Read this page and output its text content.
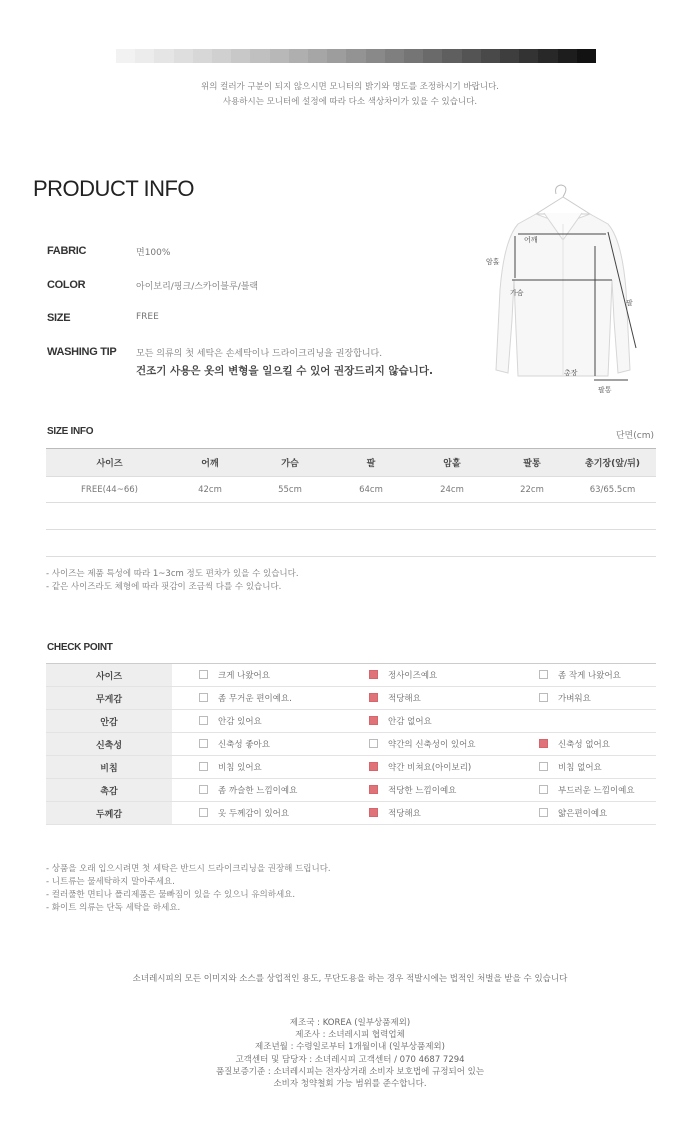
위의 컬러가 구분이 되지 않으시면 모니터의 밝기와 명도를 조정하시기 바랍니다.
사용하시는 모니터에 설정에 따라 다소 색상차이가 있을 수 있습니다.
PRODUCT INFO
FABRIC	면100%
COLOR	아이보리/핑크/스카이블루/블랙
SIZE	FREE
WASHING TIP	모든 의류의 첫 세탁은 손세탁이나 드라이크리닝을 권장합니다.
건조기 사용은 옷의 변형을 일으킬 수 있어 권장드리지 않습니다.
어깨
암홀
가슴
팔
총장
팔통
SIZE INFO	단면(cm)
사이즈	어깨	가슴	팔	암홀	팔통	총기장(앞/뒤)
FREE(44~66)	42cm	55cm	64cm	24cm	22cm	63/65.5cm

- 사이즈는 제품 특성에 따라 1~3cm 정도 편차가 있을 수 있습니다.
- 같은 사이즈라도 체형에 따라 핏감이 조금씩 다를 수 있습니다.
CHECK POINT
사이즈	크게 나왔어요	정사이즈예요	좀 작게 나왔어요
무게감	좀 무거운 편이예요.	적당해요	가벼워요
안감	안감 있어요	안감 없어요	
신축성	신축성 좋아요	약간의 신축성이 있어요	신축성 없어요
비침	비침 있어요	약간 비쳐요(아이보리)	비침 없어요
촉감	좀 까슬한 느낌이예요	적당한 느낌이예요	부드러운 느낌이예요
두께감	옷 두께감이 있어요	적당해요	얇은편이예요
- 상품을 오래 입으시려면 첫 세탁은 반드시 드라이크리닝을 권장해 드립니다.
- 니트류는 물세탁하지 말아주세요.
- 컬러풀한 면티나 폴리제품은 물빠짐이 있을 수 있으니 유의하세요.
- 화이트 의류는 단독 세탁을 하세요.
소녀레시피의 모든 이미지와 소스를 상업적인 용도, 무단도용을 하는 경우 적발시에는 법적인 처벌을 받을 수 있습니다
제조국 : KOREA (일부상품제외)
제조사 : 소녀레시피 협력업체
제조년월 : 수령일로부터 1개월이내 (일부상품제외)
고객센터 및 담당자 : 소녀레시피 고객센터 / 070 4687 7294
품질보증기준 : 소녀레시피는 전자상거래 소비자 보호법에 규정되어 있는
소비자 청약철회 가능 범위를 준수합니다.
